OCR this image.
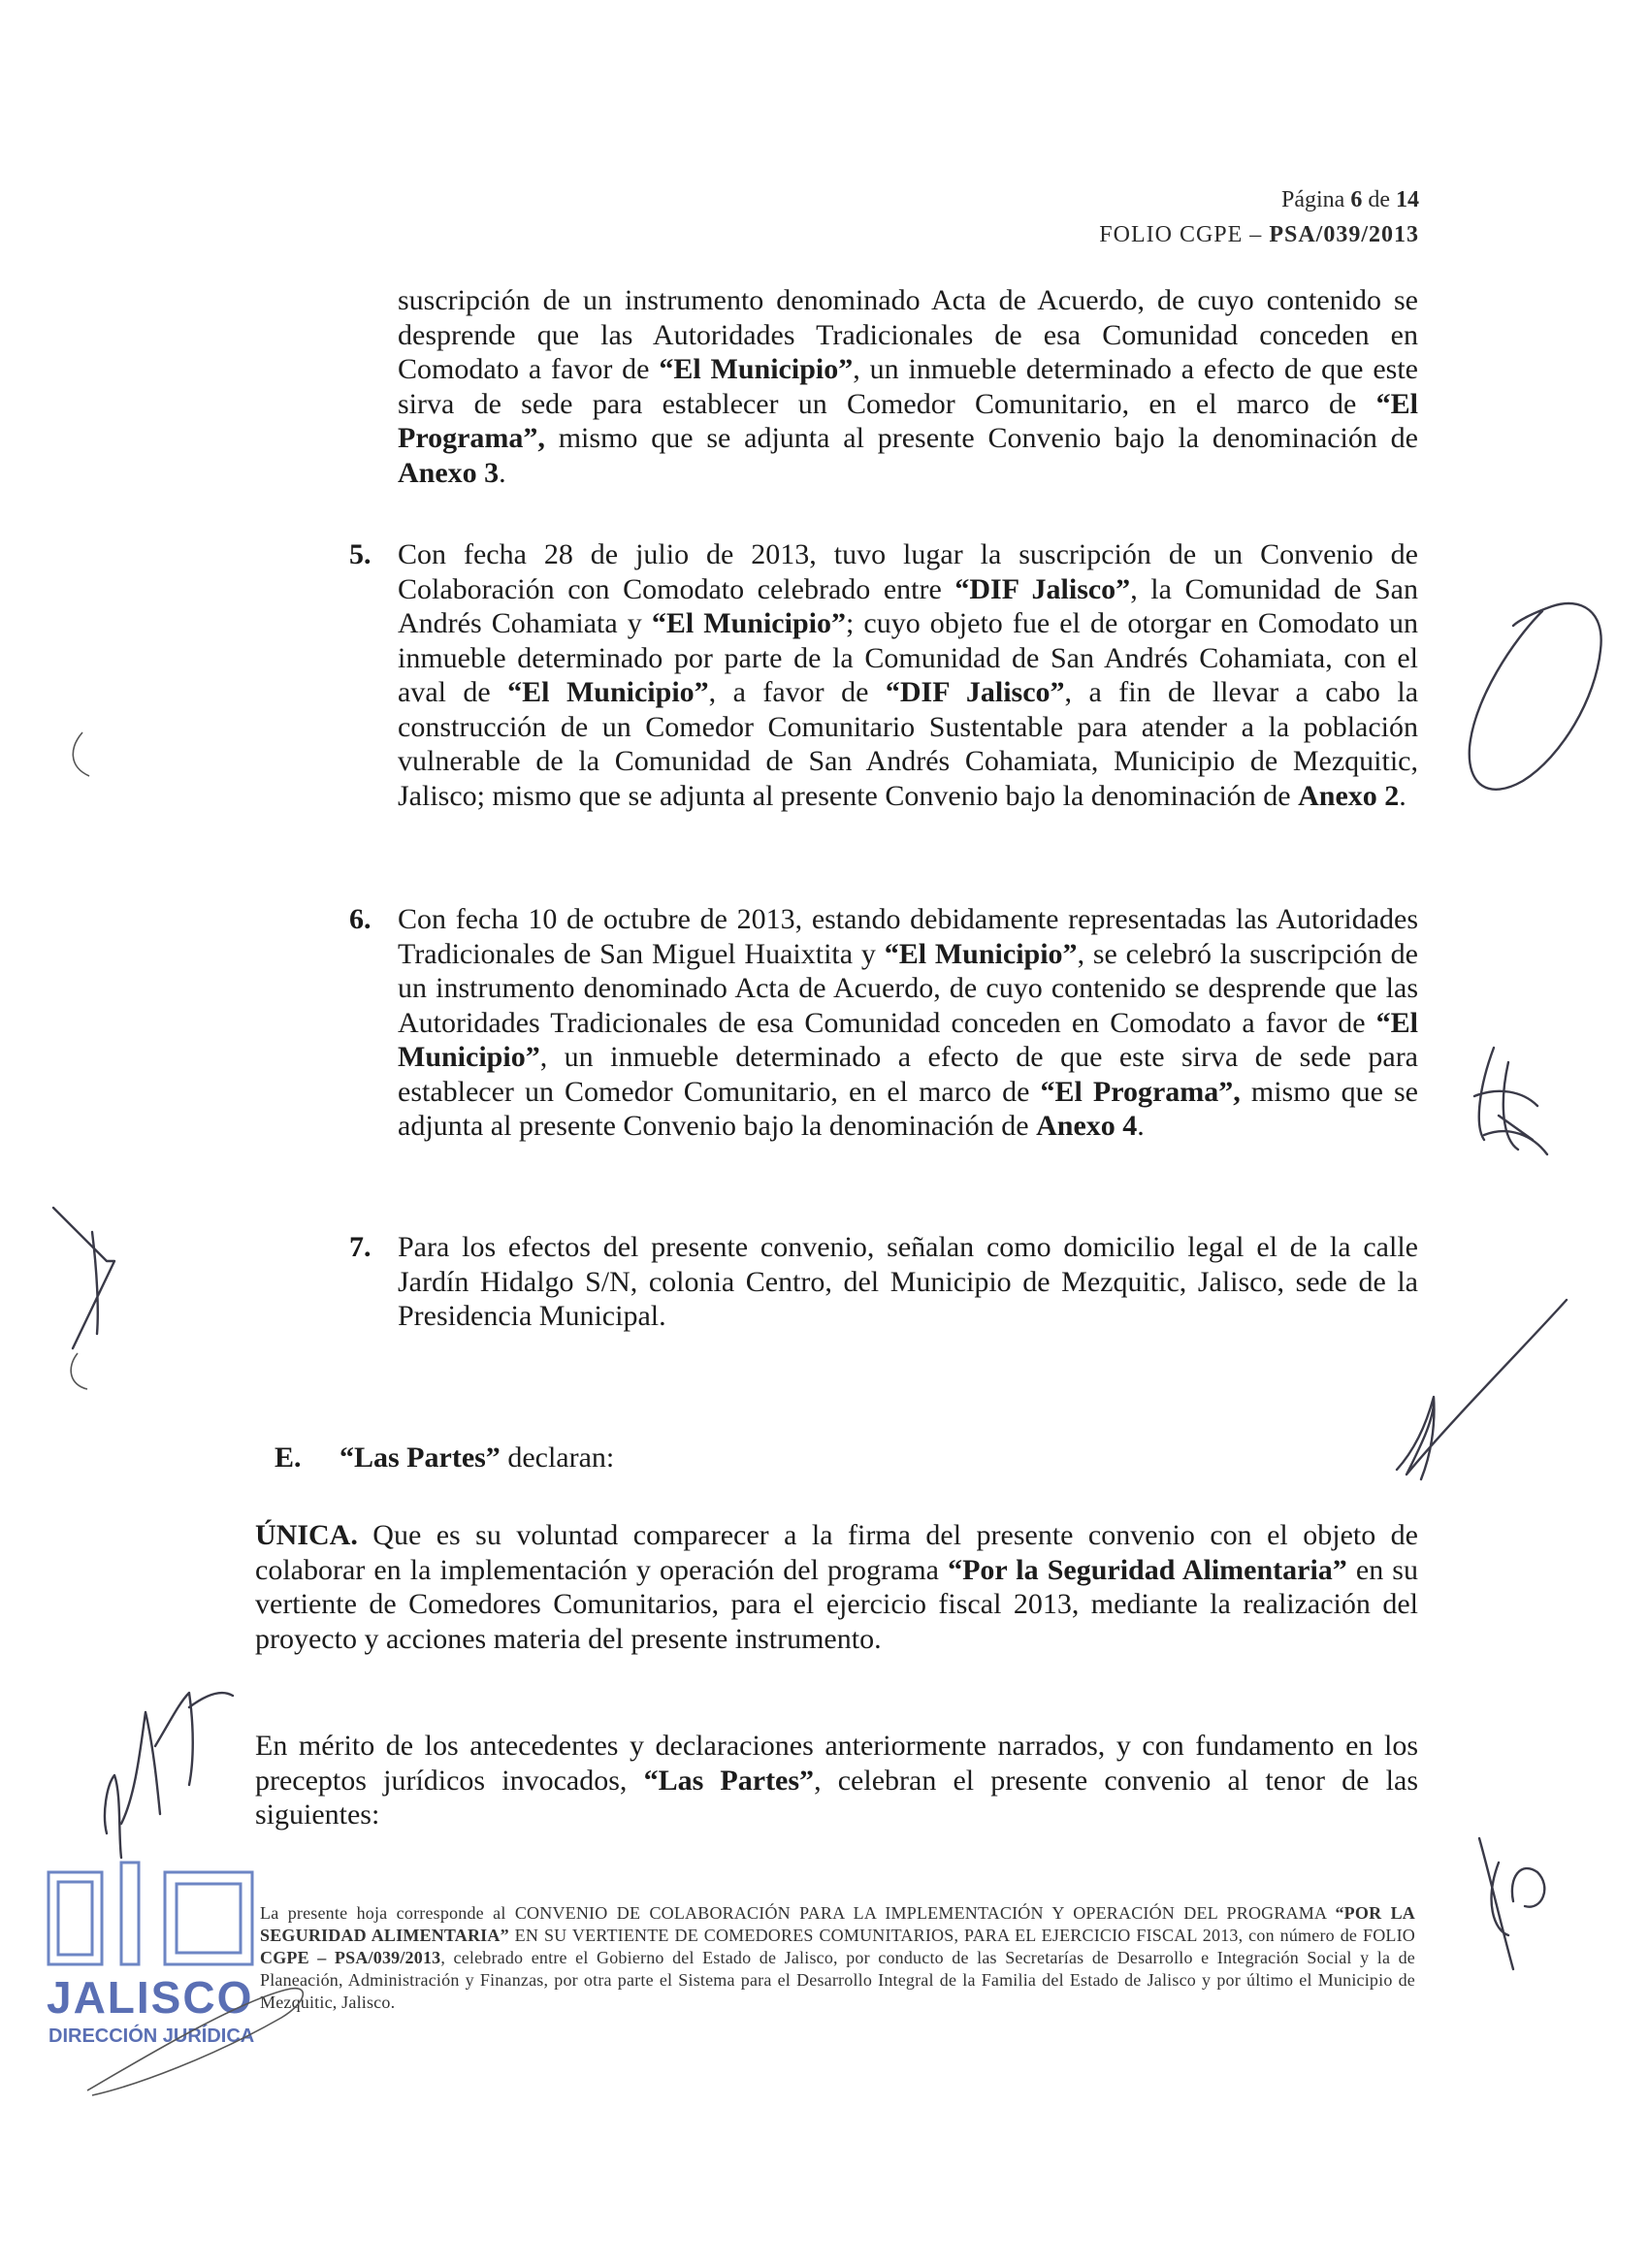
Página 6 de 14
FOLIO CGPE – PSA/039/2013

suscripción de un instrumento denominado Acta de Acuerdo, de cuyo contenido se desprende que las Autoridades Tradicionales de esa Comunidad conceden en Comodato a favor de “El Municipio”, un inmueble determinado a efecto de que este sirva de sede para establecer un Comedor Comunitario, en el marco de “El Programa”, mismo que se adjunta al presente Convenio bajo la denominación de Anexo 3.

5. Con fecha 28 de julio de 2013, tuvo lugar la suscripción de un Convenio de Colaboración con Comodato celebrado entre “DIF Jalisco”, la Comunidad de San Andrés Cohamiata y “El Municipio”; cuyo objeto fue el de otorgar en Comodato un inmueble determinado por parte de la Comunidad de San Andrés Cohamiata, con el aval de “El Municipio”, a favor de “DIF Jalisco”, a fin de llevar a cabo la construcción de un Comedor Comunitario Sustentable para atender a la población vulnerable de la Comunidad de San Andrés Cohamiata, Municipio de Mezquitic, Jalisco; mismo que se adjunta al presente Convenio bajo la denominación de Anexo 2.

6. Con fecha 10 de octubre de 2013, estando debidamente representadas las Autoridades Tradicionales de San Miguel Huaixtita y “El Municipio”, se celebró la suscripción de un instrumento denominado Acta de Acuerdo, de cuyo contenido se desprende que las Autoridades Tradicionales de esa Comunidad conceden en Comodato a favor de “El Municipio”, un inmueble determinado a efecto de que este sirva de sede para establecer un Comedor Comunitario, en el marco de “El Programa”, mismo que se adjunta al presente Convenio bajo la denominación de Anexo 4.

7. Para los efectos del presente convenio, señalan como domicilio legal el de la calle Jardín Hidalgo S/N, colonia Centro, del Municipio de Mezquitic, Jalisco, sede de la Presidencia Municipal.

E. “Las Partes” declaran:

ÚNICA. Que es su voluntad comparecer a la firma del presente convenio con el objeto de colaborar en la implementación y operación del programa “Por la Seguridad Alimentaria” en su vertiente de Comedores Comunitarios, para el ejercicio fiscal 2013, mediante la realización del proyecto y acciones materia del presente instrumento.

En mérito de los antecedentes y declaraciones anteriormente narrados, y con fundamento en los preceptos jurídicos invocados, “Las Partes”, celebran el presente convenio al tenor de las siguientes:

La presente hoja corresponde al CONVENIO DE COLABORACIÓN PARA LA IMPLEMENTACIÓN Y OPERACIÓN DEL PROGRAMA “POR LA SEGURIDAD ALIMENTARIA” EN SU VERTIENTE DE COMEDORES COMUNITARIOS, PARA EL EJERCICIO FISCAL 2013, con número de FOLIO CGPE – PSA/039/2013, celebrado entre el Gobierno del Estado de Jalisco, por conducto de las Secretarías de Desarrollo e Integración Social y la de Planeación, Administración y Finanzas, por otra parte el Sistema para el Desarrollo Integral de la Familia del Estado de Jalisco y por último el Municipio de Mezquitic, Jalisco.
JALISCO
DIRECCIÓN JURÍDICA
